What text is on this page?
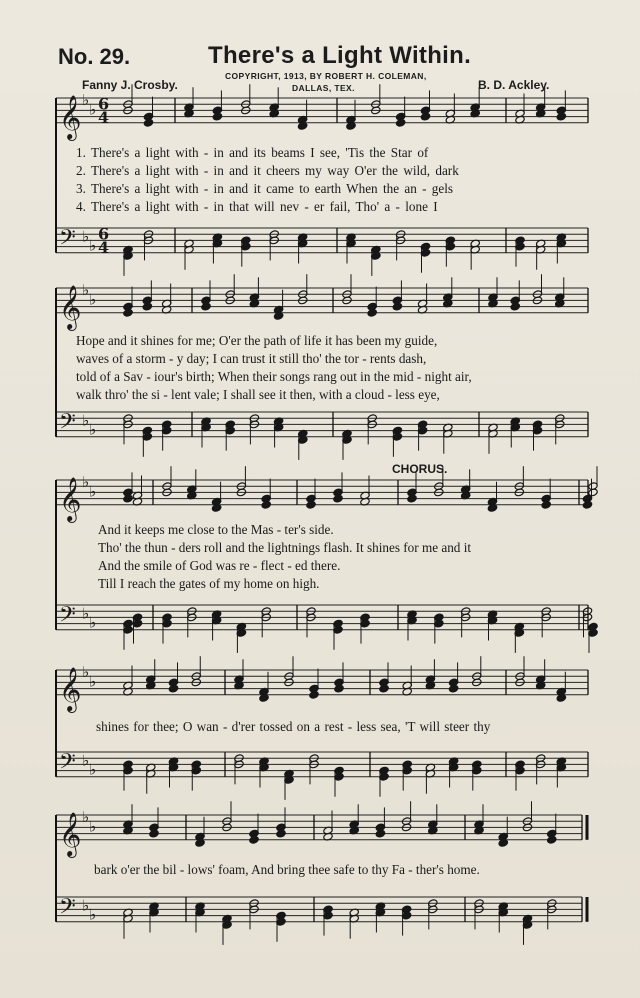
No. 29.	There's a Light Within.
COPYRIGHT, 1913, BY ROBERT H. COLEMAN,
DALLAS, TEX.
Fanny J. Crosby.	B. D. Ackley.
CHORUS.
𝄞 ♭
♭ 6
4
𝄢 ♭
♭
6
4
𝄞 ♭
♭
𝄢 ♭
♭
𝄞 ♭
♭
𝄢 ♭
♭
𝄞 ♭
♭
𝄢 ♭
♭
𝄞 ♭
♭
𝄢 ♭
♭
1. There's a light with - in and its beams I see, 'Tis the Star of
2. There's a light with - in and it cheers my way O'er the wild, dark
3. There's a light with - in and it came to earth When the an - gels
4. There's a light with - in that will nev - er fail, Tho' a - lone I
Hope and it shines for me; O'er the path of life it has been my guide,
waves of a storm - y day; I can trust it still tho' the tor - rents dash,
told of a Sav - iour's birth; When their songs rang out in the mid - night air,
walk thro' the si - lent vale; I shall see it then, with a cloud - less eye,
And it keeps me close to the Mas - ter's side.
Tho' the thun - ders roll and the lightnings flash. It shines for me and it
And the smile of God was re - flect - ed there.
Till I reach the gates of my home on high.
shines for thee; O wan - d'rer tossed on a rest - less sea, 'T will steer thy
bark o'er the bil - lows' foam, And bring thee safe to thy Fa - ther's home.
